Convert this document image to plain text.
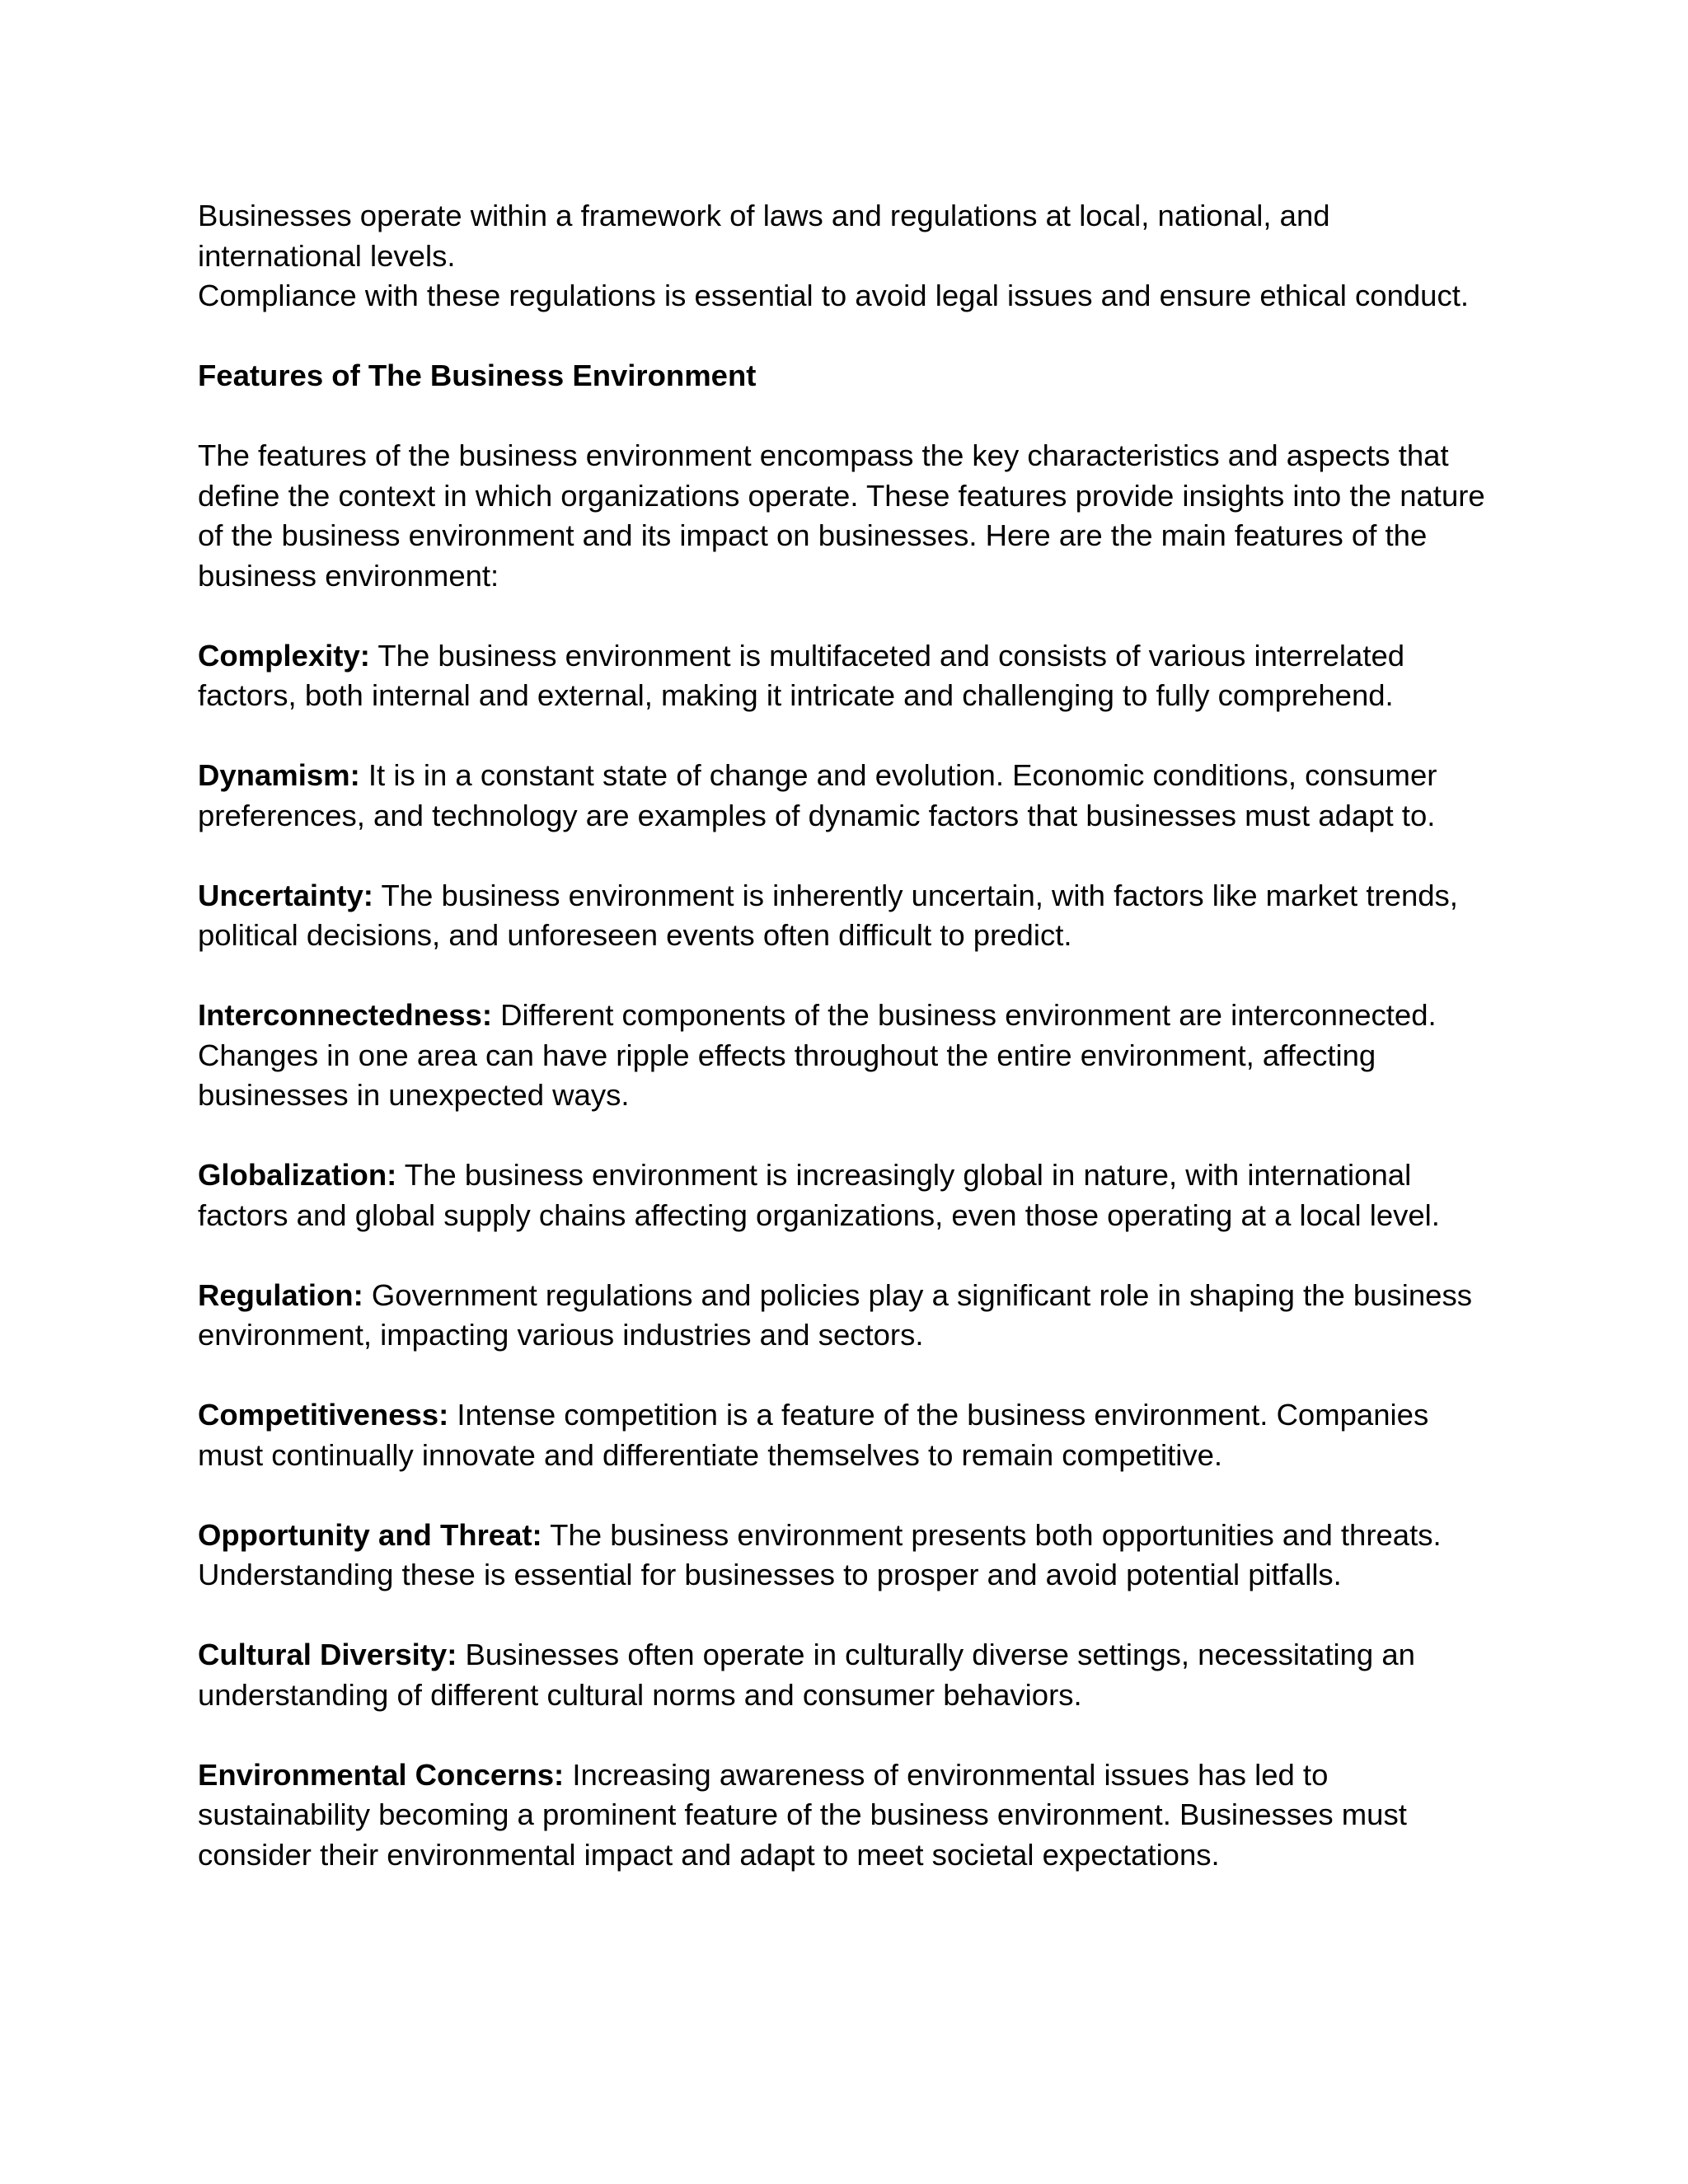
Businesses operate within a framework of laws and regulations at local, national, and international levels.
Compliance with these regulations is essential to avoid legal issues and ensure ethical conduct.

Features of The Business Environment

The features of the business environment encompass the key characteristics and aspects that define the context in which organizations operate. These features provide insights into the nature of the business environment and its impact on businesses. Here are the main features of the business environment:

Complexity: The business environment is multifaceted and consists of various interrelated factors, both internal and external, making it intricate and challenging to fully comprehend.

Dynamism: It is in a constant state of change and evolution. Economic conditions, consumer preferences, and technology are examples of dynamic factors that businesses must adapt to.

Uncertainty: The business environment is inherently uncertain, with factors like market trends, political decisions, and unforeseen events often difficult to predict.

Interconnectedness: Different components of the business environment are interconnected. Changes in one area can have ripple effects throughout the entire environment, affecting businesses in unexpected ways.

Globalization: The business environment is increasingly global in nature, with international factors and global supply chains affecting organizations, even those operating at a local level.

Regulation: Government regulations and policies play a significant role in shaping the business environment, impacting various industries and sectors.

Competitiveness: Intense competition is a feature of the business environment. Companies must continually innovate and differentiate themselves to remain competitive.

Opportunity and Threat: The business environment presents both opportunities and threats. Understanding these is essential for businesses to prosper and avoid potential pitfalls.

Cultural Diversity: Businesses often operate in culturally diverse settings, necessitating an understanding of different cultural norms and consumer behaviors.

Environmental Concerns: Increasing awareness of environmental issues has led to sustainability becoming a prominent feature of the business environment. Businesses must consider their environmental impact and adapt to meet societal expectations.
